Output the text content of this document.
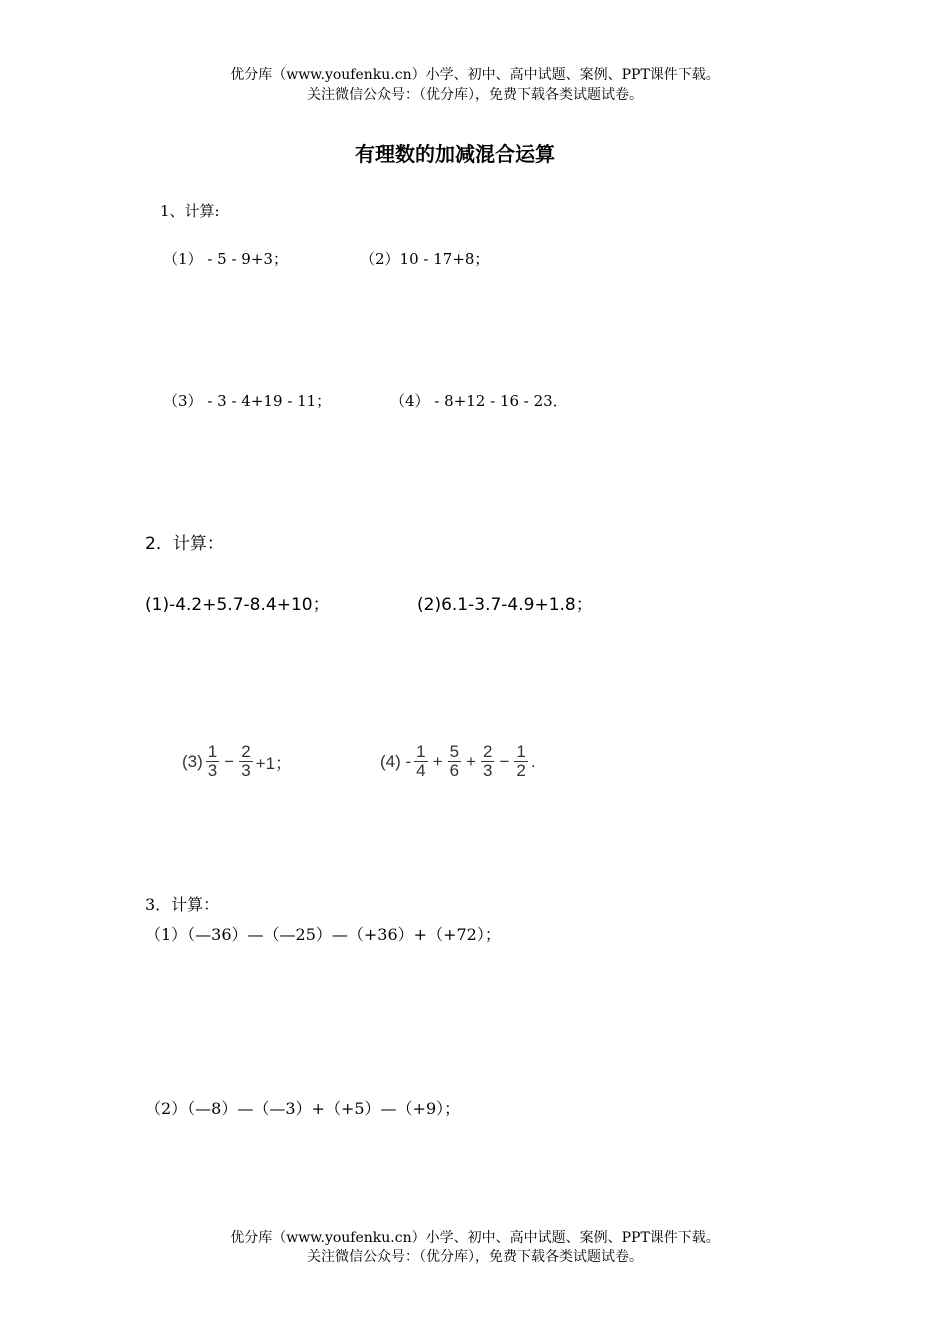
优分库（www.youfenku.cn）小学、初中、高中试题、案例、PPT课件下载。
关注微信公众号：（优分库），免费下载各类试题试卷。
有理数的加减混合运算
1、计算:
（1） - 5 - 9+3；	（2）10 - 17+8；
（3） - 3 - 4+19 - 11；	（4） - 8+12 - 16 - 23．
2．计算：
(1)-4.2+5.7-8.4+10；	(2)6.1-3.7-4.9+1.8；
$(3) \frac{1}{3} - \frac{2}{3} +1$；	$(4) - \frac{1}{4} + \frac{5}{6} + \frac{2}{3} - \frac{1}{2}$ .
3．计算：
（1）（—36）—（—25）—（+36）+（+72）；
（2）（—8）—（—3）+（+5）—（+9）；
优分库（www.youfenku.cn）小学、初中、高中试题、案例、PPT课件下载。
关注微信公众号：（优分库），免费下载各类试题试卷。
